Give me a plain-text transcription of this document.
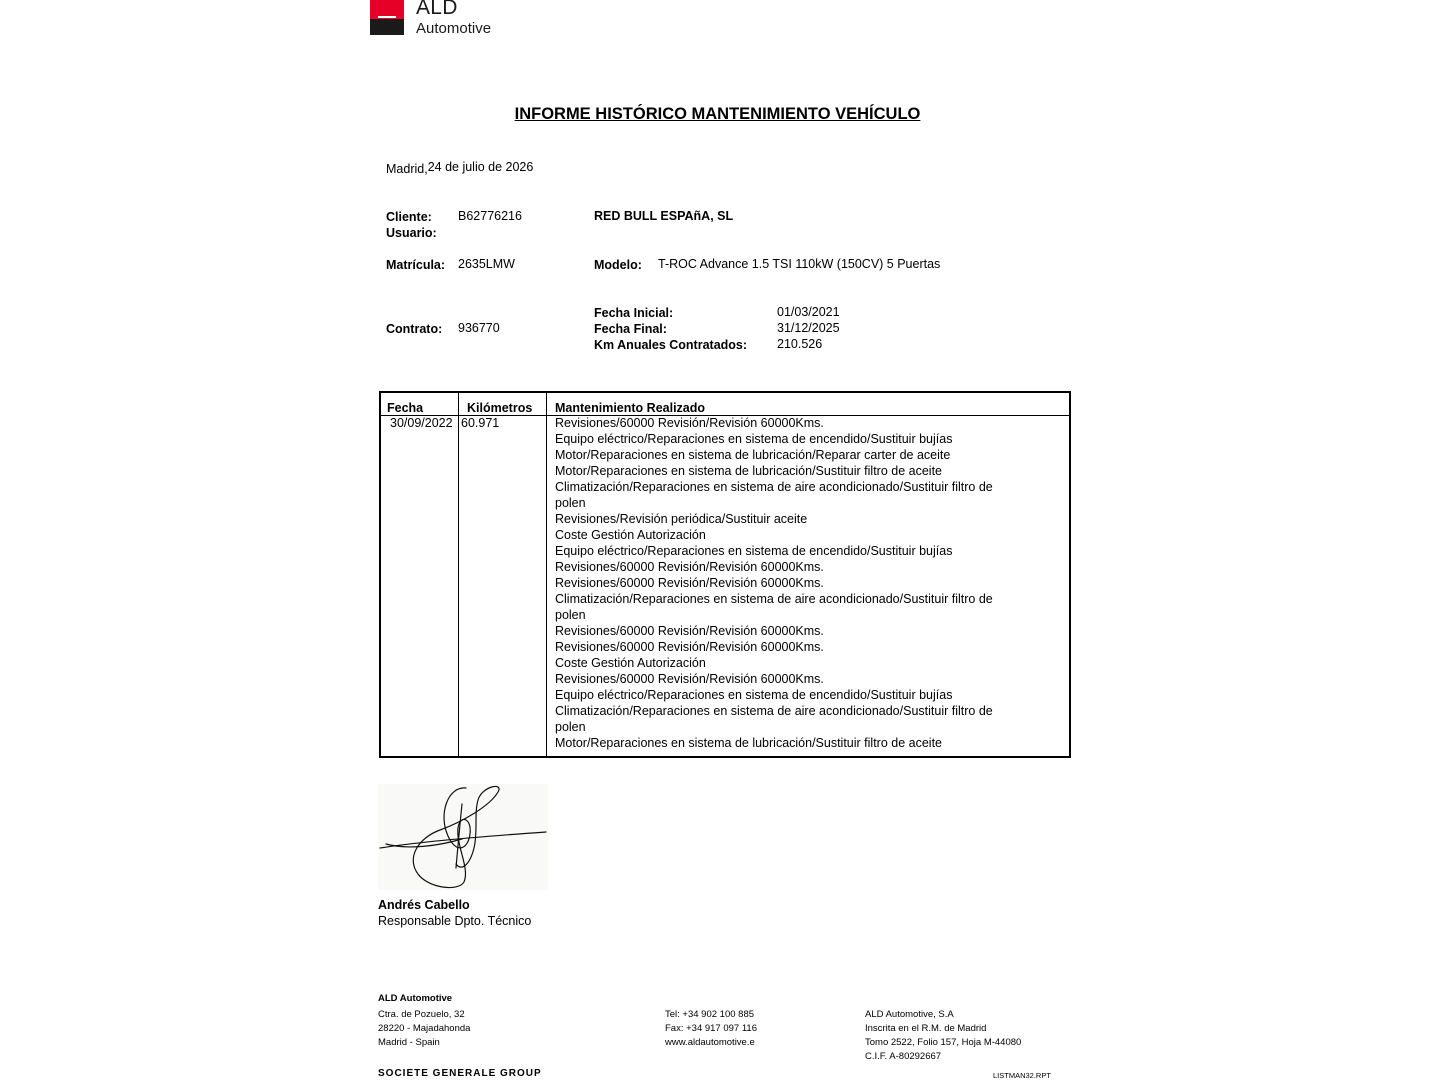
ALD
Automotive
INFORME HISTÓRICO MANTENIMIENTO VEHÍCULO
Madrid,24 de julio de 2026
Cliente: B62776216	RED BULL ESPAñA, SL
Usuario:
Matrícula: 2635LMW	Modelo: T-ROC Advance 1.5 TSI 110kW (150CV) 5 Puertas
Fecha Inicial:	01/03/2021
Contrato: 936770	Fecha Final:	31/12/2025
Km Anuales Contratados: 210.526
Fecha	Kilómetros Mantenimiento Realizado
30/09/2022 60.971	Revisiones/60000 Revisión/Revisión 60000Kms.
Equipo eléctrico/Reparaciones en sistema de encendido/Sustituir bujías
Motor/Reparaciones en sistema de lubricación/Reparar carter de aceite
Motor/Reparaciones en sistema de lubricación/Sustituir filtro de aceite
Climatización/Reparaciones en sistema de aire acondicionado/Sustituir filtro de
polen
Revisiones/Revisión periódica/Sustituir aceite
Coste Gestión Autorización
Equipo eléctrico/Reparaciones en sistema de encendido/Sustituir bujías
Revisiones/60000 Revisión/Revisión 60000Kms.
Revisiones/60000 Revisión/Revisión 60000Kms.
Climatización/Reparaciones en sistema de aire acondicionado/Sustituir filtro de
polen
Revisiones/60000 Revisión/Revisión 60000Kms.
Revisiones/60000 Revisión/Revisión 60000Kms.
Coste Gestión Autorización
Revisiones/60000 Revisión/Revisión 60000Kms.
Equipo eléctrico/Reparaciones en sistema de encendido/Sustituir bujías
Climatización/Reparaciones en sistema de aire acondicionado/Sustituir filtro de
polen
Motor/Reparaciones en sistema de lubricación/Sustituir filtro de aceite
Andrés Cabello
Responsable Dpto. Técnico
ALD Automotive
Ctra. de Pozuelo, 32
28220 - Majadahonda
Madrid - Spain
Tel: +34 902 100 885
Fax: +34 917 097 116
www.aldautomotive.e
ALD Automotive, S.A
Inscrita en el R.M. de Madrid
Tomo 2522, Folio 157, Hoja M-44080
C.I.F. A-80292667
SOCIETE GENERALE GROUP	LISTMAN32.RPT
